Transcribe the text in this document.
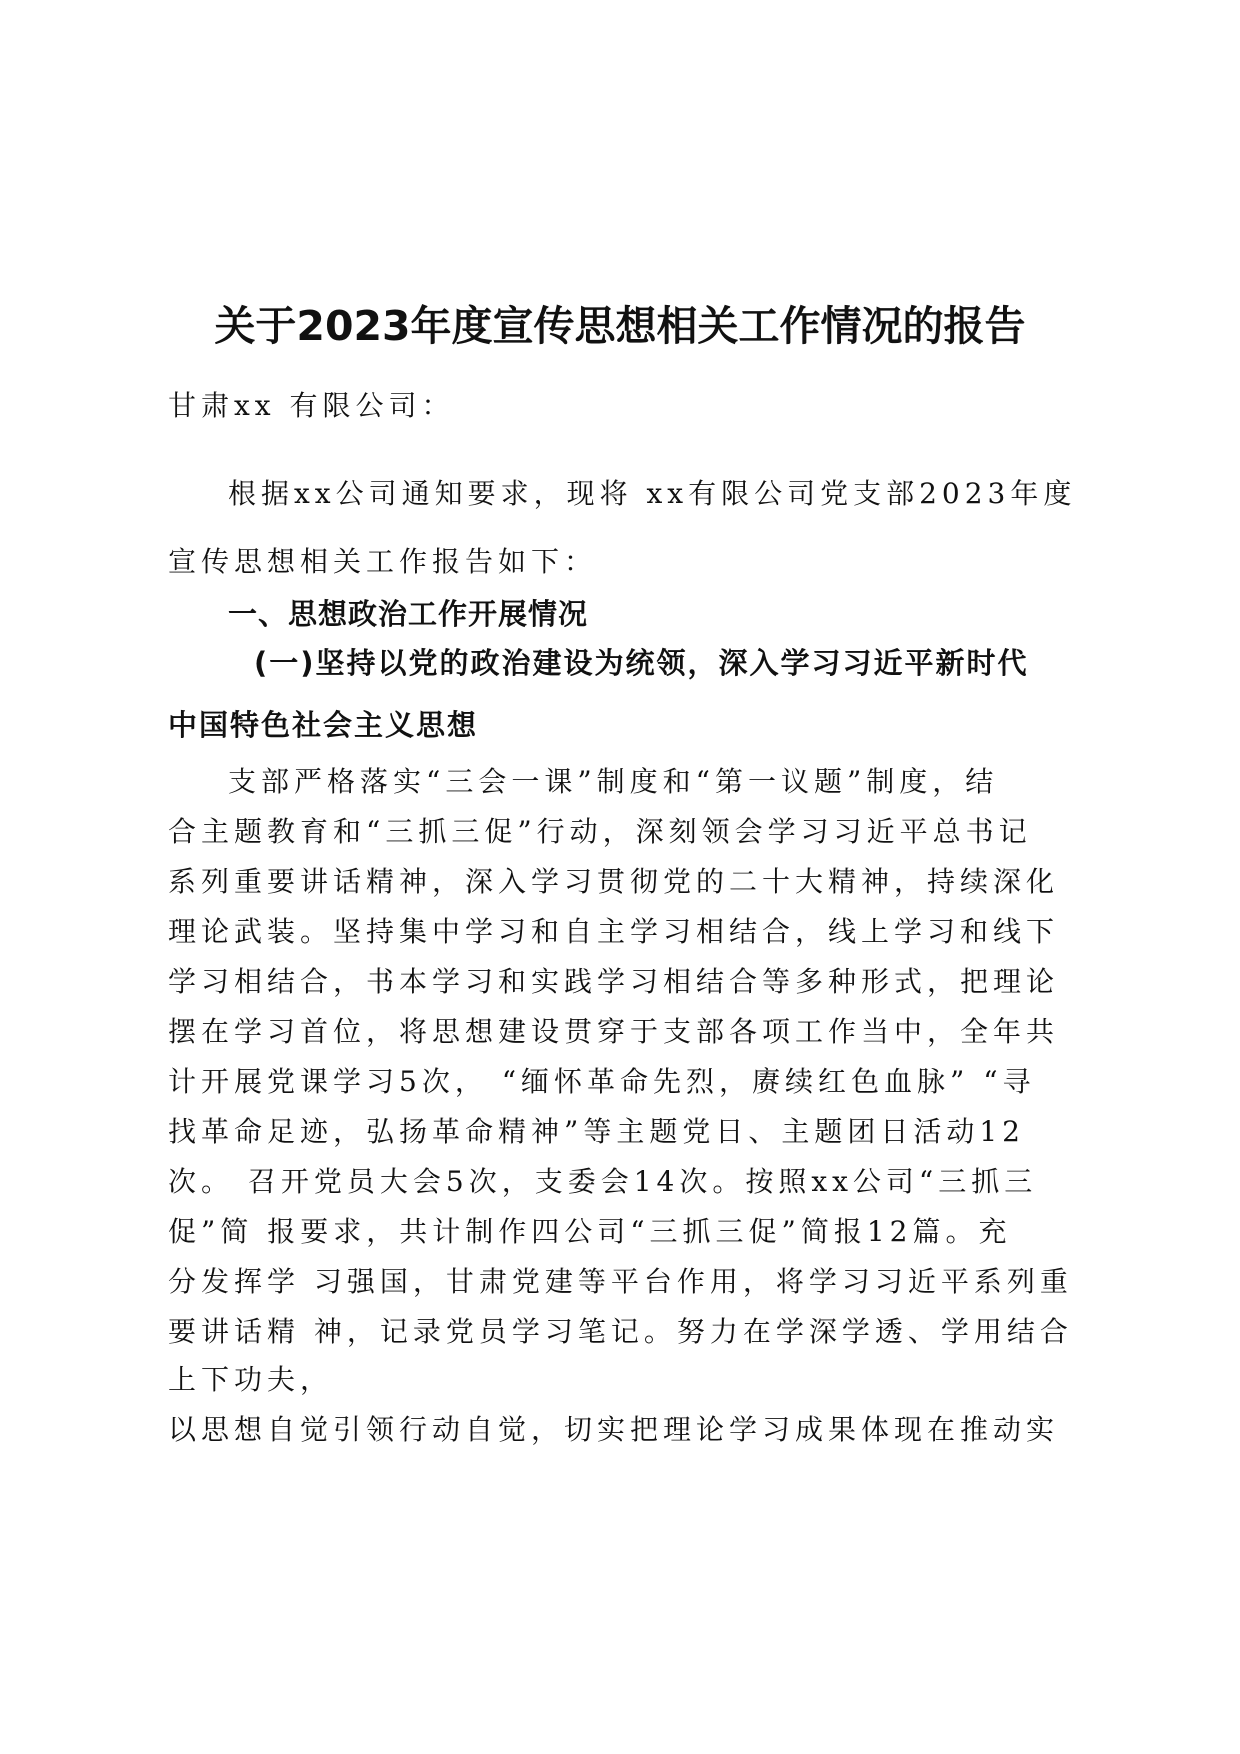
关于2023年度宣传思想相关工作情况的报告
甘肃xx 有限公司：
根据xx公司通知要求，现将 xx有限公司党支部2023年度
宣传思想相关工作报告如下：
一、思想政治工作开展情况
(一)坚持以党的政治建设为统领，深入学习习近平新时代
中国特色社会主义思想
支部严格落实“三会一课”制度和“第一议题”制度，结
合主题教育和“三抓三促”行动，深刻领会学习习近平总书记
系列重要讲话精神，深入学习贯彻党的二十大精神，持续深化
理论武装。坚持集中学习和自主学习相结合，线上学习和线下
学习相结合，书本学习和实践学习相结合等多种形式，把理论
摆在学习首位，将思想建设贯穿于支部各项工作当中，全年共
计开展党课学习5次， “缅怀革命先烈，赓续红色血脉” “寻
找革命足迹，弘扬革命精神”等主题党日、主题团日活动12
次。 召开党员大会5次，支委会14次。按照xx公司“三抓三
促”简 报要求，共计制作四公司“三抓三促”简报12篇。充
分发挥学 习强国，甘肃党建等平台作用，将学习习近平系列重
要讲话精 神，记录党员学习笔记。努力在学深学透、学用结合
上下功夫，
以思想自觉引领行动自觉，切实把理论学习成果体现在推动实
